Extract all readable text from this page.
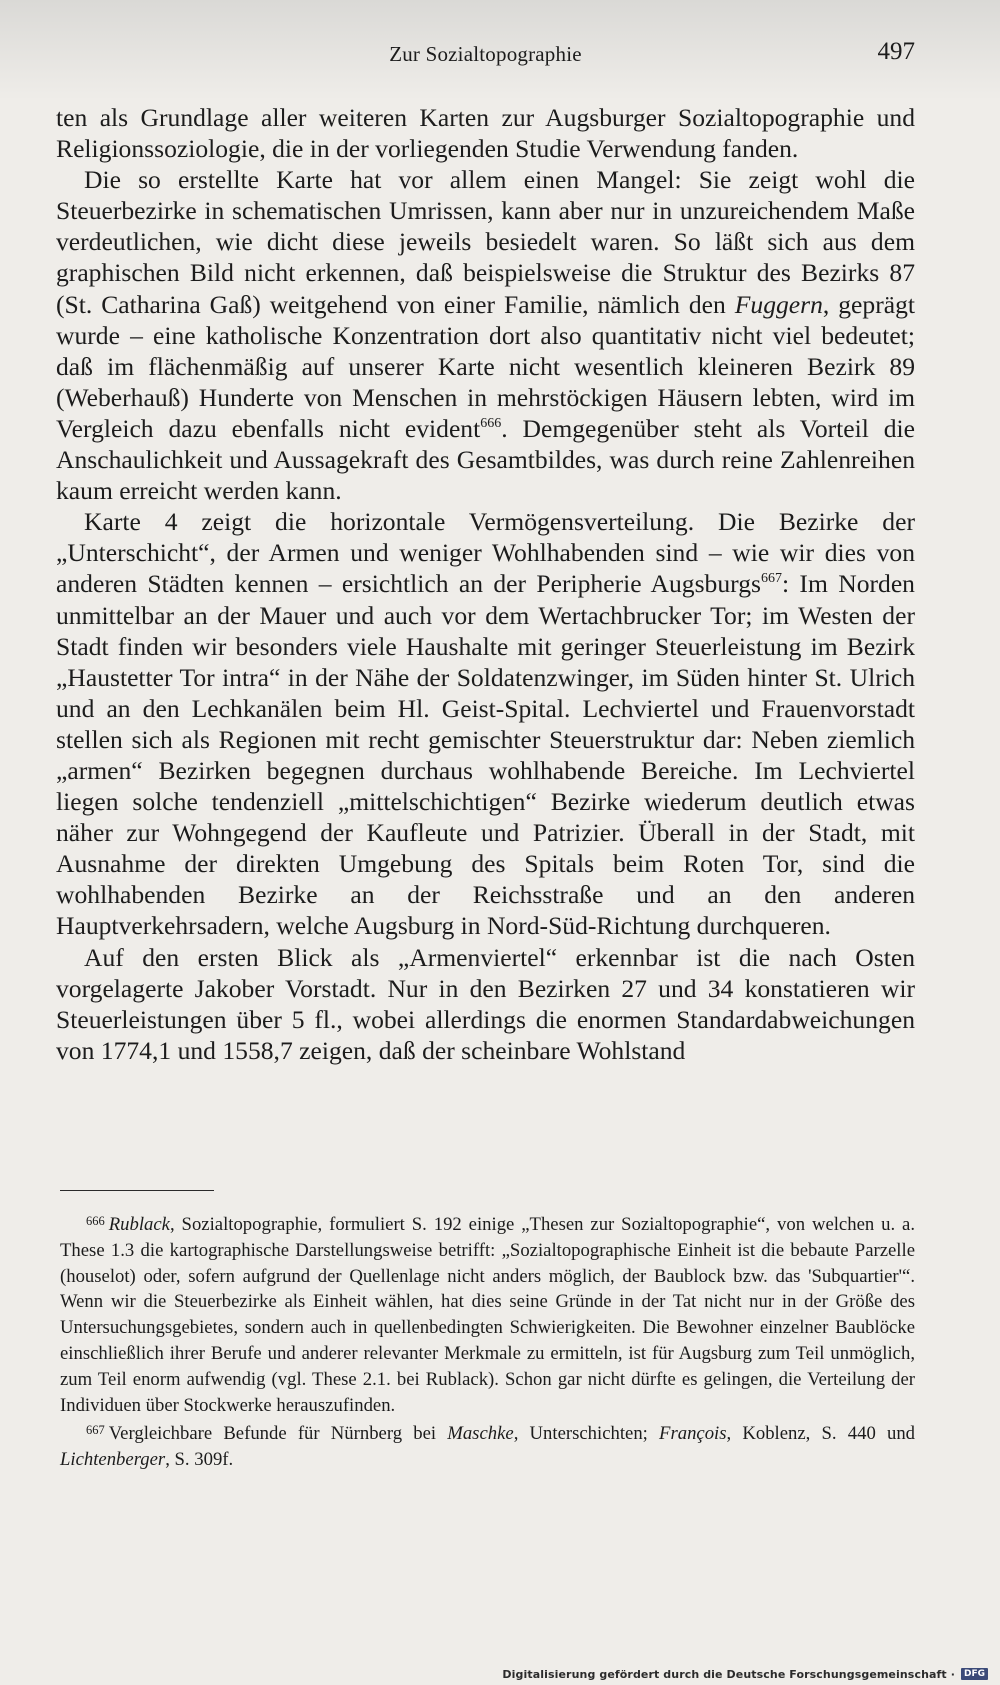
Zur Sozialtopographie	497

ten als Grundlage aller weiteren Karten zur Augsburger Sozialtopographie und Religionssoziologie, die in der vorliegenden Studie Verwendung fanden.

Die so erstellte Karte hat vor allem einen Mangel: Sie zeigt wohl die Steuerbezirke in schematischen Umrissen, kann aber nur in unzureichendem Maße verdeutlichen, wie dicht diese jeweils besiedelt waren. So läßt sich aus dem graphischen Bild nicht erkennen, daß beispielsweise die Struktur des Bezirks 87 (St. Catharina Gaß) weitgehend von einer Familie, nämlich den Fuggern, geprägt wurde – eine katholische Konzentration dort also quantitativ nicht viel bedeutet; daß im flächenmäßig auf unserer Karte nicht wesentlich kleineren Bezirk 89 (Weberhauß) Hunderte von Menschen in mehrstöckigen Häusern lebten, wird im Vergleich dazu ebenfalls nicht evident$^{666}$. Demgegenüber steht als Vorteil die Anschaulichkeit und Aussagekraft des Gesamtbildes, was durch reine Zahlenreihen kaum erreicht werden kann.

Karte 4 zeigt die horizontale Vermögensverteilung. Die Bezirke der „Unterschicht“, der Armen und weniger Wohlhabenden sind – wie wir dies von anderen Städten kennen – ersichtlich an der Peripherie Augsburgs$^{667}$: Im Norden unmittelbar an der Mauer und auch vor dem Wertachbrucker Tor; im Westen der Stadt finden wir besonders viele Haushalte mit geringer Steuerleistung im Bezirk „Haustetter Tor intra“ in der Nähe der Soldatenzwinger, im Süden hinter St. Ulrich und an den Lechkanälen beim Hl. Geist-Spital. Lechviertel und Frauenvorstadt stellen sich als Regionen mit recht gemischter Steuerstruktur dar: Neben ziemlich „armen“ Bezirken begegnen durchaus wohlhabende Bereiche. Im Lechviertel liegen solche tendenziell „mittelschichtigen“ Bezirke wiederum deutlich etwas näher zur Wohngegend der Kaufleute und Patrizier. Überall in der Stadt, mit Ausnahme der direkten Umgebung des Spitals beim Roten Tor, sind die wohlhabenden Bezirke an der Reichsstraße und an den anderen Hauptverkehrsadern, welche Augsburg in Nord-Süd-Richtung durchqueren.

Auf den ersten Blick als „Armenviertel“ erkennbar ist die nach Osten vorgelagerte Jakober Vorstadt. Nur in den Bezirken 27 und 34 konstatieren wir Steuerleistungen über 5 fl., wobei allerdings die enormen Standardabweichungen von 1774,1 und 1558,7 zeigen, daß der scheinbare Wohlstand

$^{666}$ Rublack, Sozialtopographie, formuliert S. 192 einige „Thesen zur Sozialtopographie“, von welchen u. a. These 1.3 die kartographische Darstellungsweise betrifft: „Sozialtopographische Einheit ist die bebaute Parzelle (houselot) oder, sofern aufgrund der Quellenlage nicht anders möglich, der Baublock bzw. das 'Subquartier'“. Wenn wir die Steuerbezirke als Einheit wählen, hat dies seine Gründe in der Tat nicht nur in der Größe des Untersuchungsgebietes, sondern auch in quellenbedingten Schwierigkeiten. Die Bewohner einzelner Baublöcke einschließlich ihrer Berufe und anderer relevanter Merkmale zu ermitteln, ist für Augsburg zum Teil unmöglich, zum Teil enorm aufwendig (vgl. These 2.1. bei Rublack). Schon gar nicht dürfte es gelingen, die Verteilung der Individuen über Stockwerke herauszufinden.

$^{667}$ Vergleichbare Befunde für Nürnberg bei Maschke, Unterschichten; François, Koblenz, S. 440 und Lichtenberger, S. 309f.

Digitalisierung gefördert durch die Deutsche Forschungsgemeinschaft ·	DFG
